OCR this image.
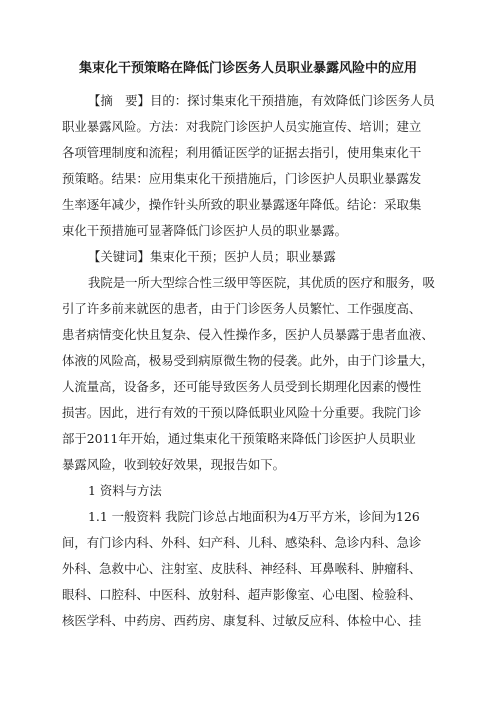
集束化干预策略在降低门诊医务人员职业暴露风险中的应用
【摘　要】目的：探讨集束化干预措施，有效降低门诊医务人员
职业暴露风险。方法：对我院门诊医护人员实施宣传、培训；建立
各项管理制度和流程；利用循证医学的证据去指引，使用集束化干
预策略。结果：应用集束化干预措施后，门诊医护人员职业暴露发
生率逐年减少，操作针头所致的职业暴露逐年降低。结论：采取集
束化干预措施可显著降低门诊医护人员的职业暴露。
【关键词】集束化干预；医护人员；职业暴露
我院是一所大型综合性三级甲等医院，其优质的医疗和服务，吸
引了许多前来就医的患者，由于门诊医务人员繁忙、工作强度高、
患者病情变化快且复杂、侵入性操作多，医护人员暴露于患者血液、
体液的风险高，极易受到病原微生物的侵袭。此外，由于门诊量大，
人流量高，设备多，还可能导致医务人员受到长期理化因素的慢性
损害。因此，进行有效的干预以降低职业风险十分重要。我院门诊
部于2011年开始，通过集束化干预策略来降低门诊医护人员职业
暴露风险，收到较好效果，现报告如下。
1 资料与方法
1.1 一般资料 我院门诊总占地面积为4万平方米，诊间为126
间，有门诊内科、外科、妇产科、儿科、感染科、急诊内科、急诊
外科、急救中心、注射室、皮肤科、神经科、耳鼻喉科、肿瘤科、
眼科、口腔科、中医科、放射科、超声影像室、心电图、检验科、
核医学科、中药房、西药房、康复科、过敏反应科、体检中心、挂
